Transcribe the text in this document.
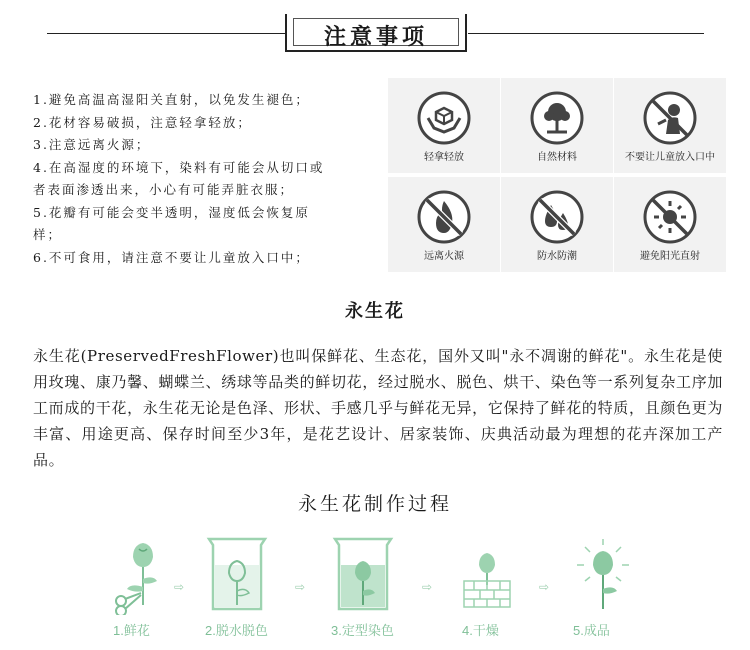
注意事项
1.避免高温高湿阳关直射，以免发生褪色；
2.花材容易破损，注意轻拿轻放；
3.注意远离火源；
4.在高湿度的环境下，染料有可能会从切口或
者表面渗透出来，小心有可能弄脏衣服；
5.花瓣有可能会变半透明，湿度低会恢复原
样；
6.不可食用，请注意不要让儿童放入口中；
轻拿轻放	自然材料	不要让儿童放入口中
远离火源	防水防潮	避免阳光直射
永生花
永生花(PreservedFreshFlower)也叫保鲜花、生态花，国外又叫"永不凋谢的鲜花"。永生花是使用玫瑰、康乃馨、蝴蝶兰、绣球等品类的鲜切花，经过脱水、脱色、烘干、染色等一系列复杂工序加工而成的干花，永生花无论是色泽、形状、手感几乎与鲜花无异，它保持了鲜花的特质，且颜色更为丰富、用途更高、保存时间至少3年，是花艺设计、居家装饰、庆典活动最为理想的花卉深加工产品。
永生花制作过程
1.鲜花
⇨
2.脱水脱色
⇨
3.定型染色
⇨
4.干燥
⇨
5.成品
